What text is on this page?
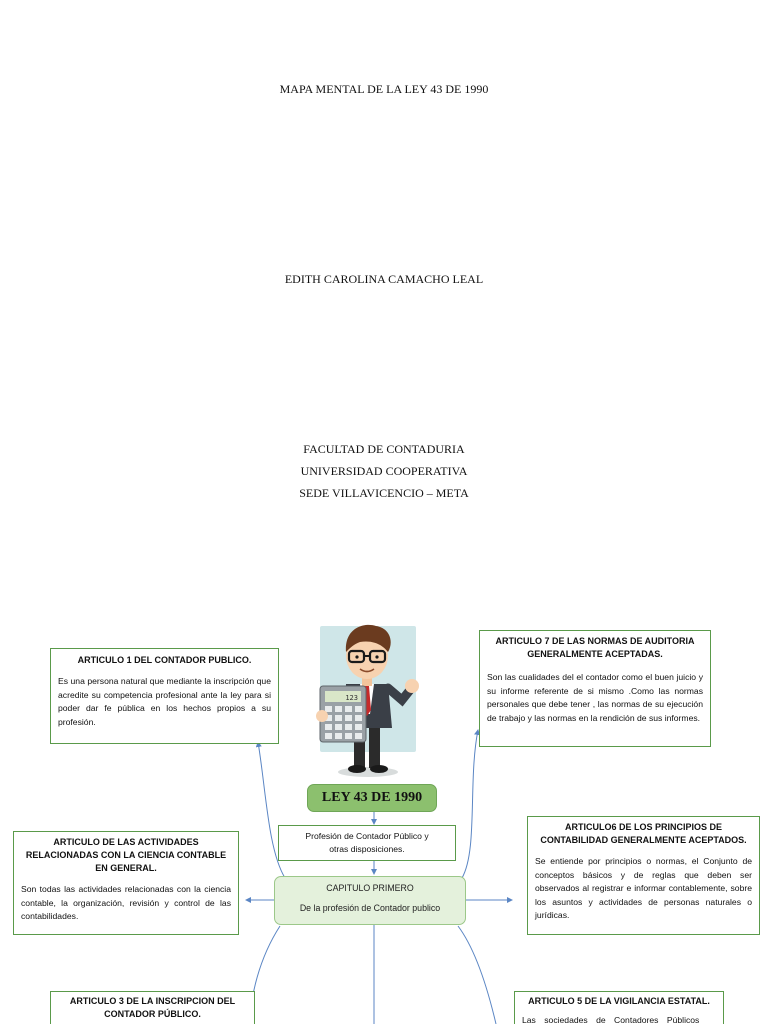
MAPA MENTAL DE LA LEY 43 DE 1990
EDITH CAROLINA CAMACHO LEAL
FACULTAD DE CONTADURIA
UNIVERSIDAD COOPERATIVA
SEDE VILLAVICENCIO – META
123
LEY 43 DE 1990
Profesión de Contador Público y
otras disposiciones.
CAPITULO PRIMERO
De la profesión de Contador publico

ARTICULO 1 DEL CONTADOR PUBLICO.

Es una persona natural que mediante la inscripción que acredite su competencia profesional ante la ley para si poder dar fe pública en los hechos propios a su profesión.

ARTICULO 7 DE LAS NORMAS DE AUDITORIA GENERALMENTE ACEPTADAS.

Son las cualidades del el contador como el buen juicio y su informe referente de si mismo .Como las normas personales que debe tener , las normas de su ejecución de trabajo y las normas en la rendición de sus informes.

ARTICULO DE LAS ACTIVIDADES RELACIONADAS CON LA CIENCIA CONTABLE EN GENERAL.

Son todas las actividades relacionadas con la ciencia contable, la organización, revisión y control de las contabilidades.

ARTICULO6 DE LOS PRINCIPIOS DE CONTABILIDAD GENERALMENTE ACEPTADOS.

Se entiende por principios o normas, el Conjunto de conceptos básicos y de reglas que deben ser observados al registrar e informar contablemente, sobre los asuntos y actividades de personas naturales o jurídicas.

ARTICULO 3 DE LA INSCRIPCION DEL CONTADOR PÚBLICO.

ARTICULO 5 DE LA VIGILANCIA ESTATAL.

Las sociedades de Contadores Públicos
